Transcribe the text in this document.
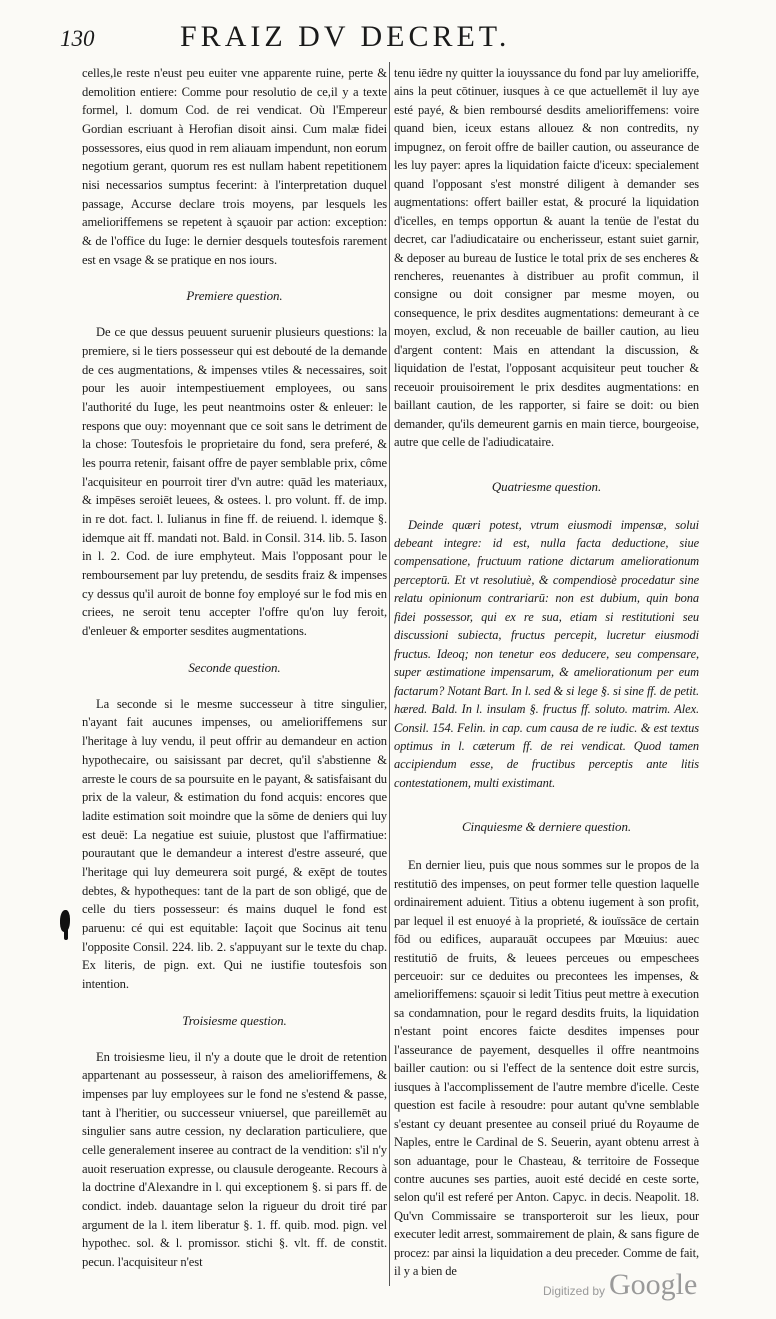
130	FRAIZ DV DECRET.

celles,le reste n'eust peu euiter vne apparente ruine, perte & demolition entiere: Comme pour resolutio de ce,il y a texte formel, l. domum Cod. de rei vendicat. Où l'Empereur Gordian escriuant à Herofian disoit ainsi. Cum malæ fidei possessores, eius quod in rem aliauam impendunt, non eorum negotium gerant, quorum res est nullam habent repetitionem nisi necessarios sumptus fecerint: à l'interpretation duquel passage, Accurse declare trois moyens, par lesquels les amelioriffemens se repetent à sçauoir par action: exception: & de l'office du Iuge: le dernier desquels toutesfois rarement est en vsage & se pratique en nos iours.

Premiere question.

De ce que dessus peuuent suruenir plusieurs questions: la premiere, si le tiers possesseur qui est debouté de la demande de ces augmentations, & impenses vtiles & necessaires, soit pour les auoir intempestiuement employees, ou sans l'authorité du Iuge, les peut neantmoins oster & enleuer: le respons que ouy: moyennant que ce soit sans le detriment de la chose: Toutesfois le proprietaire du fond, sera preferé, & les pourra retenir, faisant offre de payer semblable prix, côme l'acquisiteur en pourroit tirer d'vn autre: quād les materiaux, & impēses seroiēt leuees, & ostees. l. pro volunt. ff. de imp. in re dot. fact. l. Iulianus in fine ff. de reiuend. l. idemque §. idemque ait ff. mandati not. Bald. in Consil. 314. lib. 5. Iason in l. 2. Cod. de iure emphyteut. Mais l'opposant pour le remboursement par luy pretendu, de sesdits fraiz & impenses cy dessus qu'il auroit de bonne foy employé sur le fod mis en criees, ne seroit tenu accepter l'offre qu'on luy feroit, d'enleuer & emporter sesdites augmentations.

Seconde question.

La seconde si le mesme successeur à titre singulier, n'ayant fait aucunes impenses, ou amelioriffemens sur l'heritage à luy vendu, il peut offrir au demandeur en action hypothecaire, ou saisissant par decret, qu'il s'abstienne & arreste le cours de sa poursuite en le payant, & satisfaisant du prix de la valeur, & estimation du fond acquis: encores que ladite estimation soit moindre que la sōme de deniers qui luy est deuë: La negatiue est suiuie, plustost que l'affirmatiue: pourautant que le demandeur a interest d'estre asseuré, que l'heritage qui luy demeurera soit purgé, & exēpt de toutes debtes, & hypotheques: tant de la part de son obligé, que de celle du tiers possesseur: és mains duquel le fond est paruenu: cé qui est equitable: Iaçoit que Socinus ait tenu l'opposite Consil. 224. lib. 2. s'appuyant sur le texte du chap. Ex literis, de pign. ext. Qui ne iustifie toutesfois son intention.

Troisiesme question.

En troisiesme lieu, il n'y a doute que le droit de retention appartenant au possesseur, à raison des amelioriffemens, & impenses par luy employees sur le fond ne s'estend & passe, tant à l'heritier, ou successeur vniuersel, que pareillemēt au singulier sans autre cession, ny declaration particuliere, que celle generalement inseree au contract de la vendition: s'il n'y auoit reseruation expresse, ou clausule derogeante. Recours à la doctrine d'Alexandre in l. qui exceptionem §. si pars ff. de condict. indeb. dauantage selon la rigueur du droit tiré par argument de la l. item liberatur §. 1. ff. quib. mod. pign. vel hypothec. sol. & l. promissor. stichi §. vlt. ff. de constit. pecun. l'acquisiteur n'est

tenu iēdre ny quitter la iouyssance du fond par luy amelioriffe, ains la peut cōtinuer, iusques à ce que actuellemēt il luy aye esté payé, & bien remboursé desdits amelioriffemens: voire quand bien, iceux estans allouez & non contredits, ny impugnez, on feroit offre de bailler caution, ou asseurance de les luy payer: apres la liquidation faicte d'iceux: specialement quand l'opposant s'est monstré diligent à demander ses augmentations: offert bailler estat, & procuré la liquidation d'icelles, en temps opportun & auant la tenüe de l'estat du decret, car l'adiudicataire ou encherisseur, estant suiet garnir, & deposer au bureau de Iustice le total prix de ses encheres & rencheres, reuenantes à distribuer au profit commun, il consigne ou doit consigner par mesme moyen, ou consequence, le prix desdites augmentations: demeurant à ce moyen, exclud, & non receuable de bailler caution, au lieu d'argent content: Mais en attendant la discussion, & liquidation de l'estat, l'opposant acquisiteur peut toucher & receuoir prouisoirement le prix desdites augmentations: en baillant caution, de les rapporter, si faire se doit: ou bien demander, qu'ils demeurent garnis en main tierce, bourgeoise, autre que celle de l'adiudicataire.

Quatriesme question.

Deinde quæri potest, vtrum eiusmodi impensæ, solui debeant integre: id est, nulla facta deductione, siue compensatione, fructuum ratione dictarum ameliorationum perceptorū. Et vt resolutiuè, & compendiosè procedatur sine relatu opinionum contrariarū: non est dubium, quin bona fidei possessor, qui ex re sua, etiam si restitutioni seu discussioni subiecta, fructus percepit, lucretur eiusmodi fructus. Ideoq; non tenetur eos deducere, seu compensare, super æstimatione impensarum, & ameliorationum per eum factarum? Notant Bart. In l. sed & si lege §. si sine ff. de petit. hæred. Bald. In l. insulam §. fructus ff. soluto. matrim. Alex. Consil. 154. Felin. in cap. cum causa de re iudic. & est textus optimus in l. cæterum ff. de rei vendicat. Quod tamen accipiendum esse, de fructibus perceptis ante litis contestationem, multi existimant.

Cinquiesme & derniere question.

En dernier lieu, puis que nous sommes sur le propos de la restitutiō des impenses, on peut former telle question laquelle ordinairement aduient. Titius a obtenu iugement à son profit, par lequel il est enuoyé à la proprieté, & iouïssāce de certain fōd ou edifices, auparauāt occupees par Mœuius: auec restitutiō de fruits, & leuees perceues ou empeschees perceuoir: sur ce deduites ou precontees les impenses, & amelioriffemens: sçauoir si ledit Titius peut mettre à execution sa condamnation, pour le regard desdits fruits, la liquidation n'estant point encores faicte desdites impenses pour l'asseurance de payement, desquelles il offre neantmoins bailler caution: ou si l'effect de la sentence doit estre surcis, iusques à l'accomplissement de l'autre membre d'icelle. Ceste question est facile à resoudre: pour autant qu'vne semblable s'estant cy deuant presentee au conseil priué du Royaume de Naples, entre le Cardinal de S. Seuerin, ayant obtenu arrest à son aduantage, pour le Chasteau, & territoire de Fosseque contre aucunes ses parties, auoit esté decidé en ceste sorte, selon qu'il est referé per Anton. Capyc. in decis. Neapolit. 18. Qu'vn Commissaire se transporteroit sur les lieux, pour executer ledit arrest, sommairement de plain, & sans figure de procez: par ainsi la liquidation a deu preceder. Comme de fait, il y a bien de

Digitized by Google
